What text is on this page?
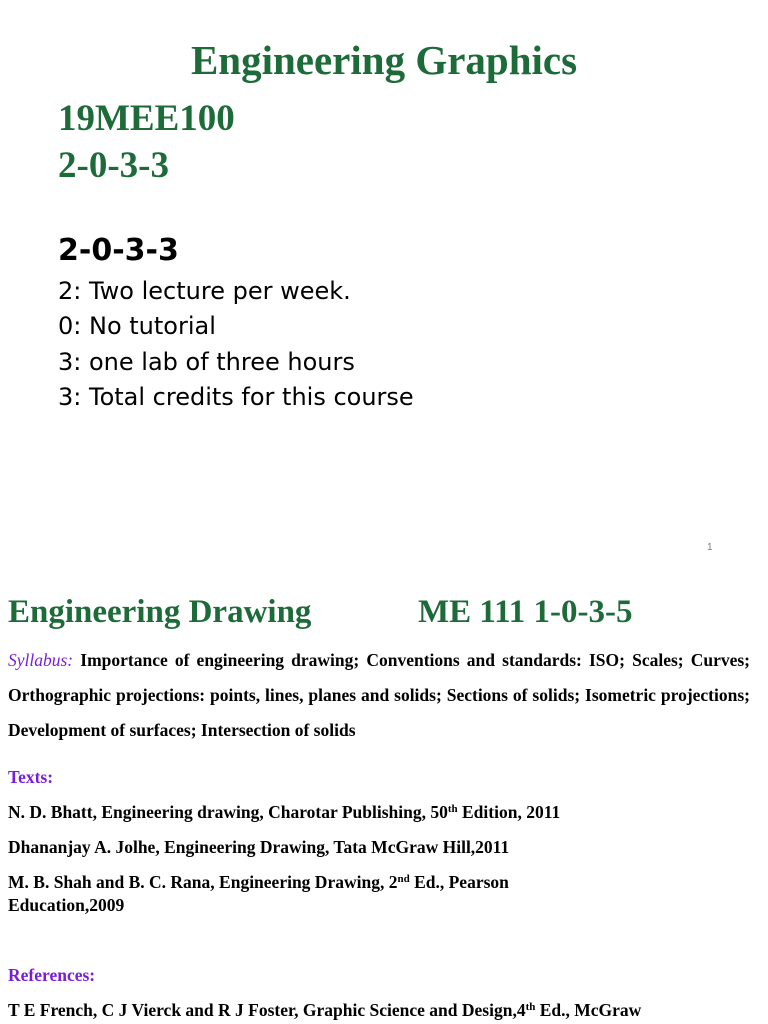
Engineering Graphics
19MEE100
2-0-3-3
2-0-3-3
2: Two lecture per week.
0: No tutorial
3: one lab of three hours
3: Total credits for this course
1
Engineering Drawing	ME 111 1-0-3-5
Syllabus: Importance of engineering drawing; Conventions and standards: ISO; Scales; Curves; Orthographic projections: points, lines, planes and solids; Sections of solids; Isometric projections; Development of surfaces; Intersection of solids
Texts:
N. D. Bhatt, Engineering drawing, Charotar Publishing, 50th Edition, 2011
Dhananjay A. Jolhe, Engineering Drawing, Tata McGraw Hill,2011
M. B. Shah and B. C. Rana, Engineering Drawing, 2nd Ed., Pearson
Education,2009
References:
T E French, C J Vierck and R J Foster, Graphic Science and Design,4th Ed., McGraw
